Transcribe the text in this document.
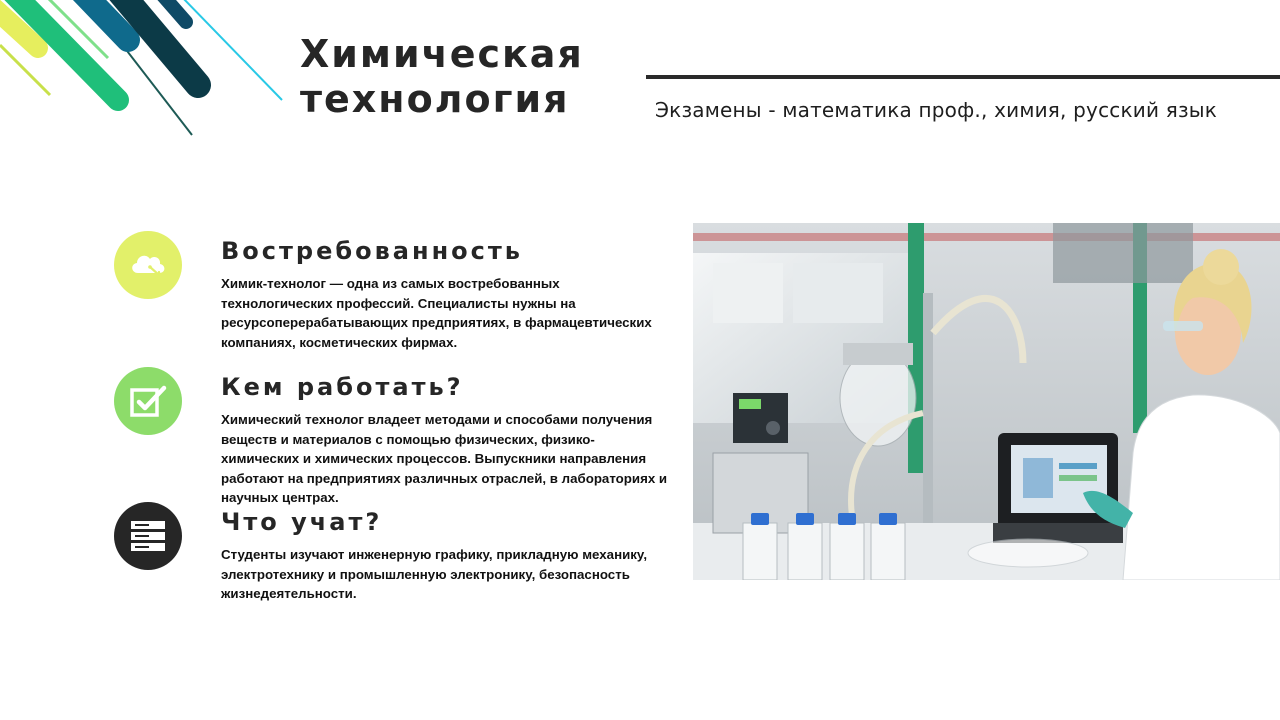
Химическая
технология	Экзамены - математика проф., химия, русский язык
Востребованность
Химик-технолог — одна из самых востребованных технологических профессий. Специалисты нужны на ресурсоперерабатывающих предприятиях, в фармацевтических компаниях, косметических фирмах.
Кем работать?
Химический технолог владеет методами и способами получения веществ и материалов с помощью физических, физико-химических и химических процессов. Выпускники направления работают на предприятиях различных отраслей, в лабораториях и научных центрах.
Что учат?
Студенты изучают инженерную графику, прикладную механику, электротехнику и промышленную электронику, безопасность жизнедеятельности.
